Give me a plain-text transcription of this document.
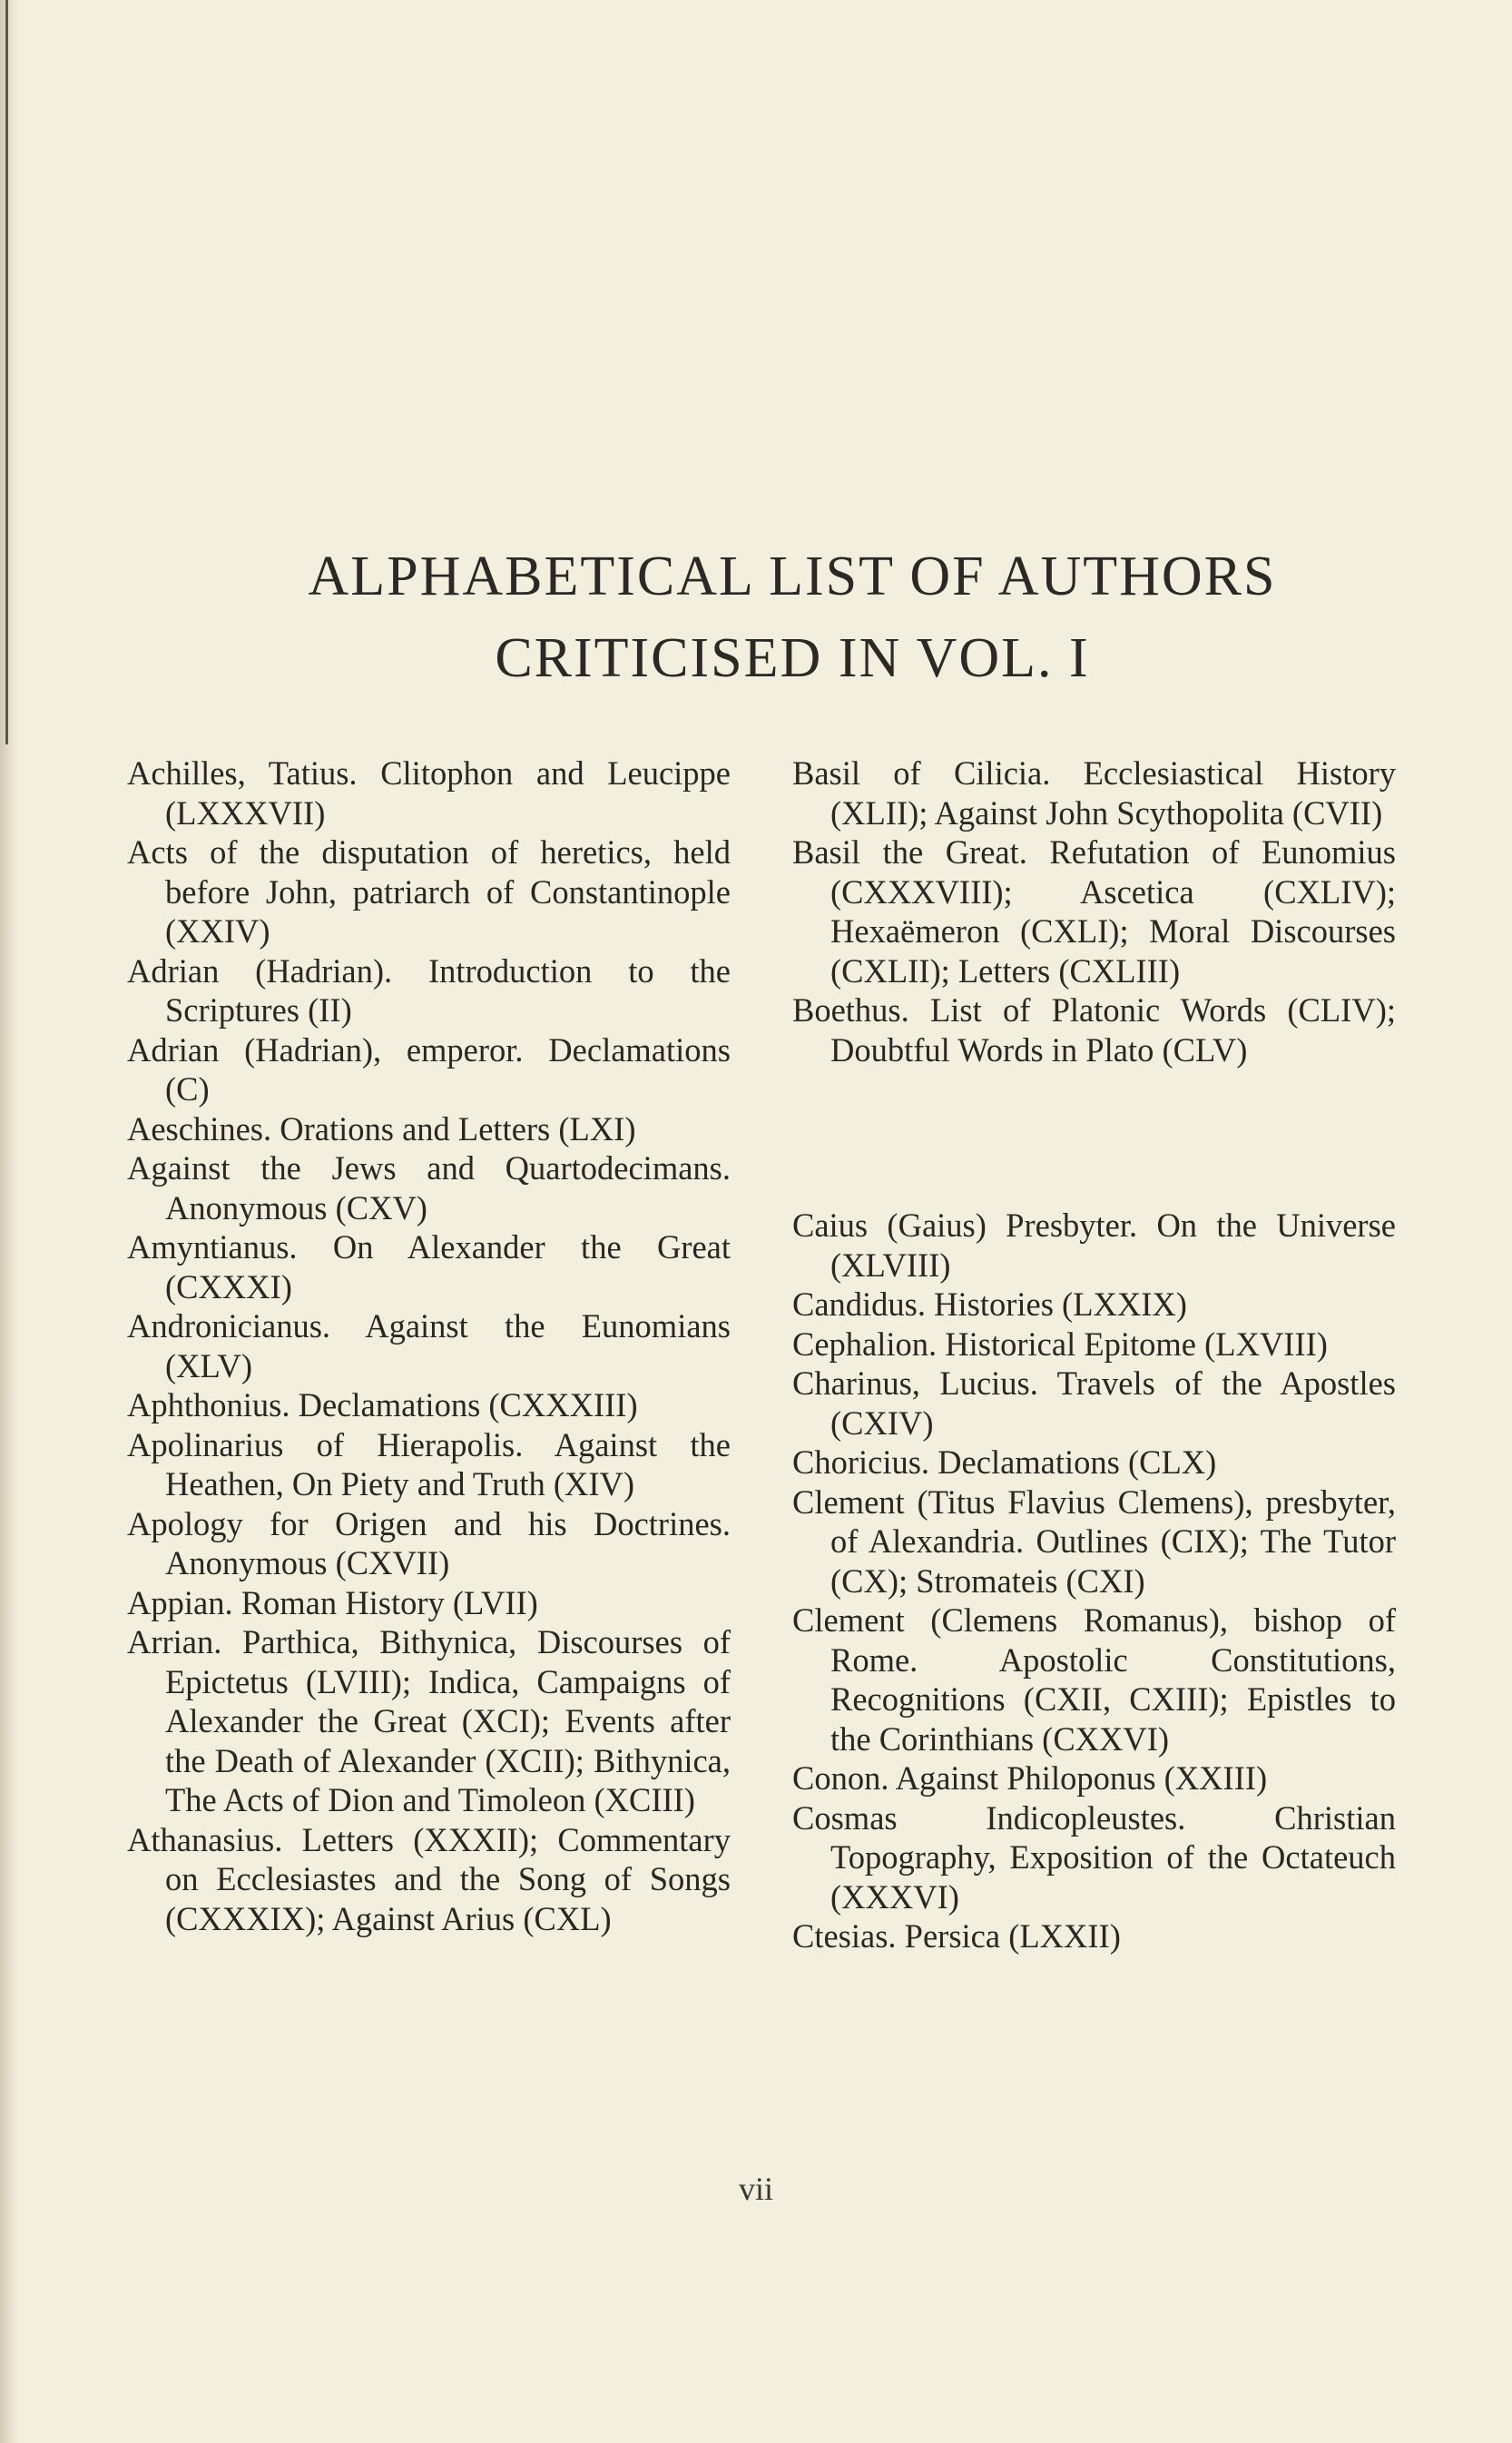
ALPHABETICAL LIST OF AUTHORS
CRITICISED IN VOL. I

Achilles, Tatius. Clitophon and Leucippe (LXXXVII)

Acts of the disputation of heretics, held before John, patriarch of Constantinople (XXIV)

Adrian (Hadrian). Introduction to the Scriptures (II)

Adrian (Hadrian), emperor. Declamations (C)

Aeschines. Orations and Letters (LXI)

Against the Jews and Quartodecimans. Anonymous (CXV)

Amyntianus. On Alexander the Great (CXXXI)

Andronicianus. Against the Eunomians (XLV)

Aphthonius. Declamations (CXXXIII)

Apolinarius of Hierapolis. Against the Heathen, On Piety and Truth (XIV)

Apology for Origen and his Doctrines. Anonymous (CXVII)

Appian. Roman History (LVII)

Arrian. Parthica, Bithynica, Discourses of Epictetus (LVIII); Indica, Campaigns of Alexander the Great (XCI); Events after the Death of Alexander (XCII); Bithynica, The Acts of Dion and Timoleon (XCIII)

Athanasius. Letters (XXXII); Commentary on Ecclesiastes and the Song of Songs (CXXXIX); Against Arius (CXL)

Basil of Cilicia. Ecclesiastical History (XLII); Against John Scythopolita (CVII)

Basil the Great. Refutation of Eunomius (CXXXVIII); Ascetica (CXLIV); Hexaëmeron (CXLI); Moral Discourses (CXLII); Letters (CXLIII)

Boethus. List of Platonic Words (CLIV); Doubtful Words in Plato (CLV)

Caius (Gaius) Presbyter. On the Universe (XLVIII)

Candidus. Histories (LXXIX)

Cephalion. Historical Epitome (LXVIII)

Charinus, Lucius. Travels of the Apostles (CXIV)

Choricius. Declamations (CLX)

Clement (Titus Flavius Clemens), presbyter, of Alexandria. Outlines (CIX); The Tutor (CX); Stromateis (CXI)

Clement (Clemens Romanus), bishop of Rome. Apostolic Constitutions, Recognitions (CXII, CXIII); Epistles to the Corinthians (CXXVI)

Conon. Against Philoponus (XXIII)

Cosmas Indicopleustes. Christian Topography, Exposition of the Octateuch (XXXVI)

Ctesias. Persica (LXXII)

vii
